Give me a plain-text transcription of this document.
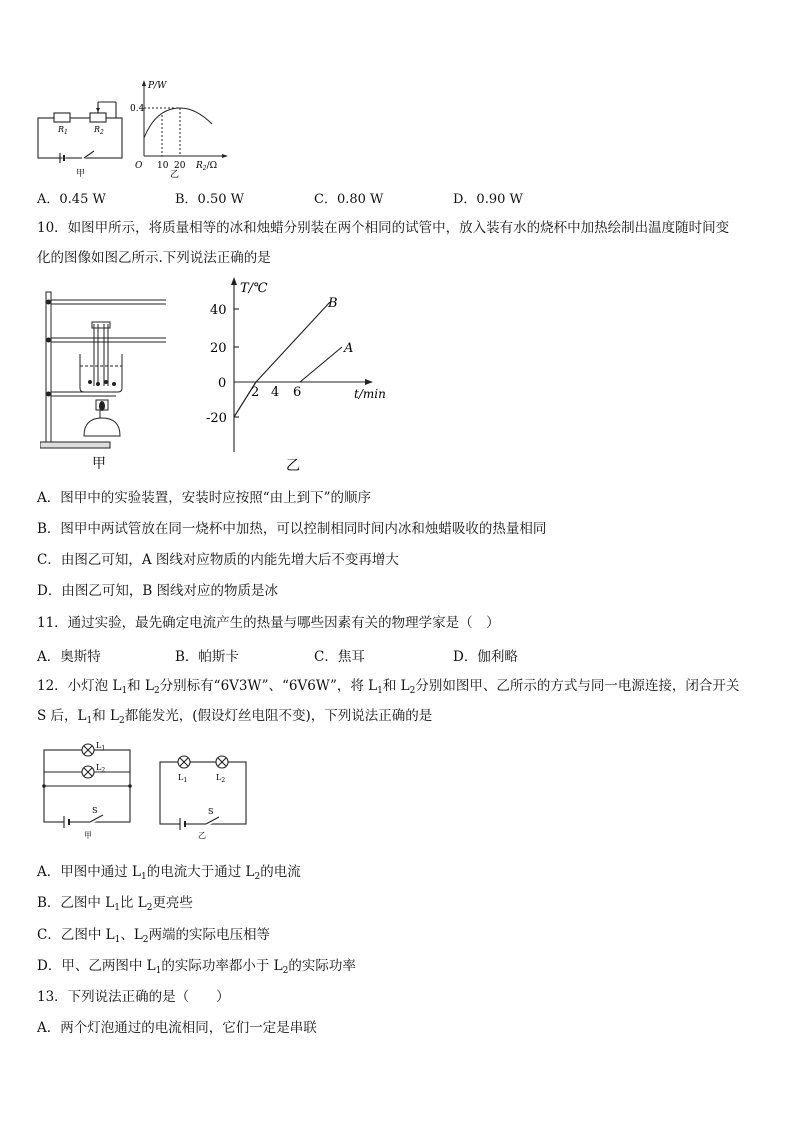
$R_1$	$R_2$
甲
P/W
0.4
O 10 20 $R_2/\Omega$
乙
A．0.45 W	B．0.50 W	C．0.80 W	D．0.90 W
10．如图甲所示，将质量相等的冰和烛蜡分别装在两个相同的试管中，放入装有水的烧杯中加热绘制出温度随时间变
化的图像如图乙所示.下列说法正确的是
甲
T/℃
t/min
40
20
0
-20
2 4 6
A
B
乙
A．图甲中的实验装置，安装时应按照“由上到下”的顺序
B．图甲中两试管放在同一烧杯中加热，可以控制相同时间内冰和烛蜡吸收的热量相同
C．由图乙可知，A 图线对应物质的内能先增大后不变再增大
D．由图乙可知，B 图线对应的物质是冰
11．通过实验，最先确定电流产生的热量与哪些因素有关的物理学家是（　）
A．奥斯特	B．帕斯卡	C．焦耳	D．伽利略
12．小灯泡 $L_1$和 $L_2$分别标有“6V3W”、“6V6W”，将 $L_1$和 $L_2$分别如图甲、乙所示的方式与同一电源连接，闭合开关
S 后，$L_1$和 $L_2$都能发光，(假设灯丝电阻不变)，下列说法正确的是
$L_1$
$L_2$
S
甲
$L_1$	$L_2$
S
乙
A．甲图中通过 $L_1$的电流大于通过 $L_2$的电流
B．乙图中 $L_1$比 $L_2$更亮些
C．乙图中 $L_1$、$L_2$两端的实际电压相等
D．甲、乙两图中 $L_1$的实际功率都小于 $L_2$的实际功率
13．下列说法正确的是（　　）
A．两个灯泡通过的电流相同，它们一定是串联
